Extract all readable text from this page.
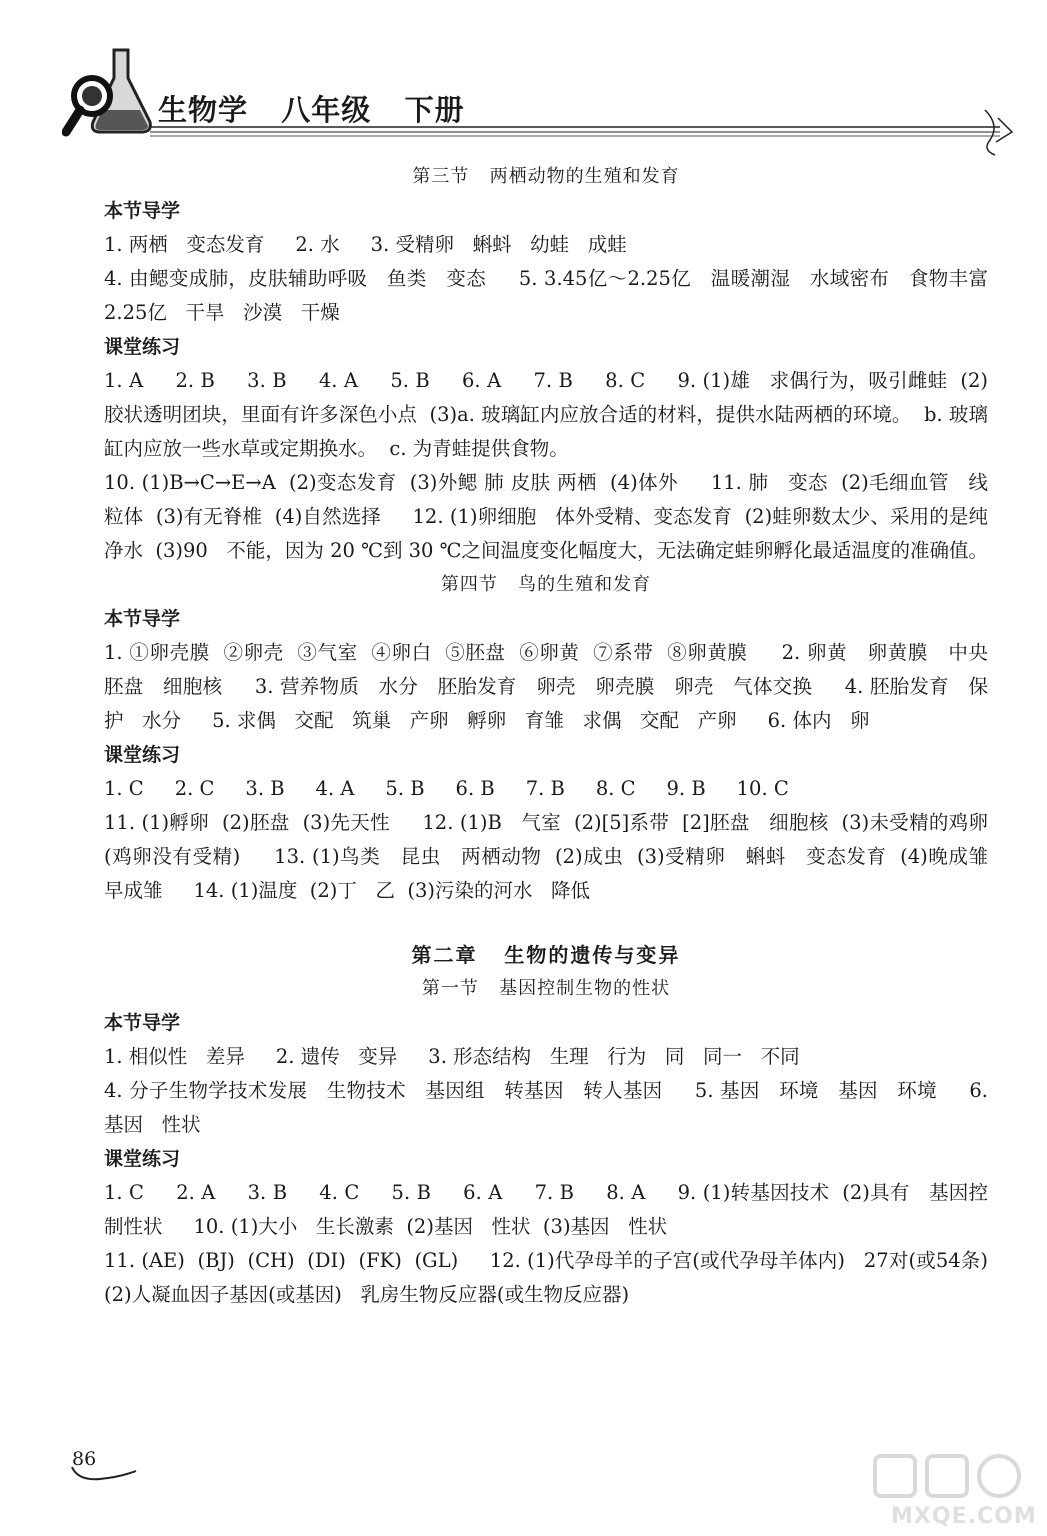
生物学   八年级   下册
第三节   两栖动物的生殖和发育
本节导学
1. 两栖   变态发育     2. 水     3. 受精卵   蝌蚪   幼蛙   成蛙
4. 由鳃变成肺，皮肤辅助呼吸   鱼类   变态     5. 3.45亿～2.25亿   温暖潮湿   水域密布   食物丰富   2.25亿   干旱   沙漠   干燥
课堂练习
1. A     2. B     3. B     4. A     5. B     6. A     7. B     8. C     9. (1)雄   求偶行为，吸引雌蛙  (2)胶状透明团块，里面有许多深色小点  (3)a. 玻璃缸内应放合适的材料，提供水陆两栖的环境。  b. 玻璃缸内应放一些水草或定期换水。  c. 为青蛙提供食物。
10. (1)B→C→E→A  (2)变态发育  (3)外鳃 肺 皮肤 两栖  (4)体外     11. 肺   变态  (2)毛细血管   线粒体  (3)有无脊椎  (4)自然选择     12. (1)卵细胞   体外受精、变态发育  (2)蛙卵数太少、采用的是纯净水  (3)90   不能，因为 20 ℃到 30 ℃之间温度变化幅度大，无法确定蛙卵孵化最适温度的准确值。
第四节   鸟的生殖和发育
本节导学
1. ①卵壳膜  ②卵壳  ③气室  ④卵白  ⑤胚盘  ⑥卵黄  ⑦系带  ⑧卵黄膜     2. 卵黄   卵黄膜   中央   胚盘   细胞核     3. 营养物质   水分   胚胎发育   卵壳   卵壳膜   卵壳   气体交换     4. 胚胎发育   保护   水分     5. 求偶   交配   筑巢   产卵   孵卵   育雏   求偶   交配   产卵     6. 体内   卵
课堂练习
1. C     2. C     3. B     4. A     5. B     6. B     7. B     8. C     9. B     10. C
11. (1)孵卵  (2)胚盘  (3)先天性     12. (1)B   气室  (2)[5]系带  [2]胚盘   细胞核  (3)未受精的鸡卵(鸡卵没有受精)     13. (1)鸟类   昆虫   两栖动物  (2)成虫  (3)受精卵   蝌蚪   变态发育  (4)晚成雏   早成雏     14. (1)温度  (2)丁   乙  (3)污染的河水   降低
第二章   生物的遗传与变异
第一节   基因控制生物的性状
本节导学
1. 相似性   差异     2. 遗传   变异     3. 形态结构   生理   行为   同   同一   不同
4. 分子生物学技术发展   生物技术   基因组   转基因   转人基因     5. 基因   环境   基因   环境     6. 基因   性状
课堂练习
1. C     2. A     3. B     4. C     5. B     6. A     7. B     8. A     9. (1)转基因技术  (2)具有   基因控制性状     10. (1)大小   生长激素  (2)基因   性状  (3)基因   性状
11. (AE)  (BJ)  (CH)  (DI)  (FK)  (GL)     12. (1)代孕母羊的子宫(或代孕母羊体内)   27对(或54条)  (2)人凝血因子基因(或基因)   乳房生物反应器(或生物反应器)
86
MXQE.COM
